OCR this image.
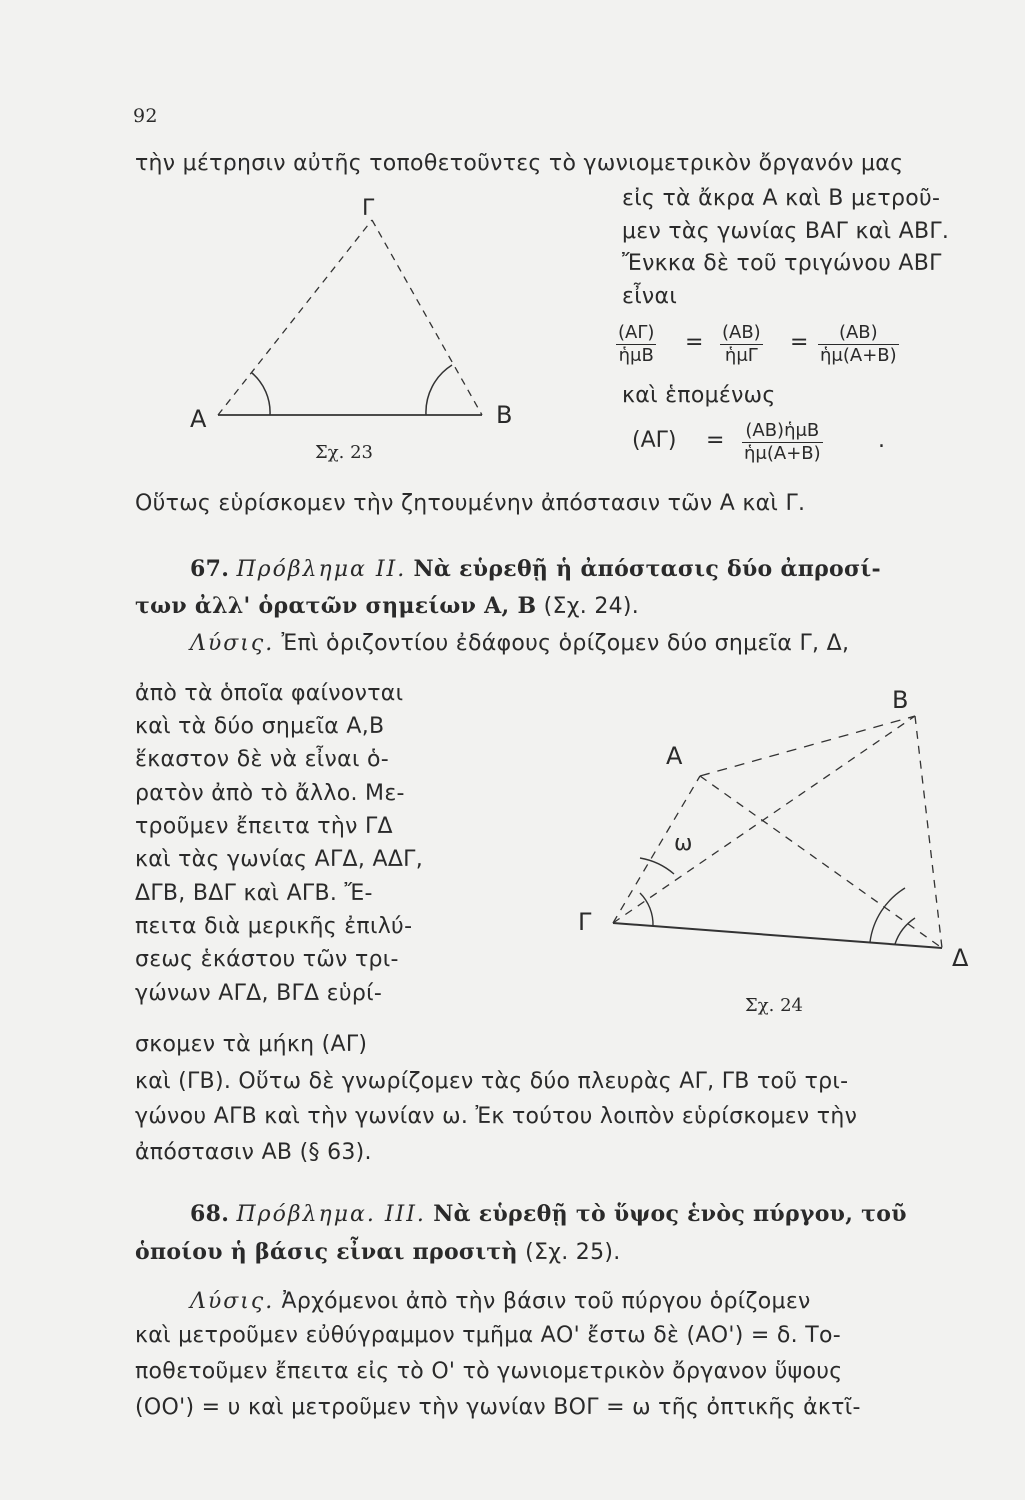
92
τὴν μέτρησιν αὐτῆς τοποθετοῦντες τὸ γωνιομετρικὸν ὄργανόν μας
εἰς τὰ ἄκρα Α καὶ Β μετροῦ-
μεν τὰς γωνίας ΒΑΓ καὶ ΑΒΓ.
Ἔνκκα δὲ τοῦ τριγώνου ΑΒΓ
εἶναι
(ΑΓ)
ἡμΒ
= (ΑΒ)
ἡμΓ
= $\frac{(AB)}{\text{ἡμ(Α+Β)}}$
καὶ ἑπομένως
(ΑΓ) = (ΑΒ)ἡμΒ
ἡμ(Α+Β)
.
Α	Β
Γ
Σχ. 23
Οὕτως εὑρίσκομεν τὴν ζητουμένην ἀπόστασιν τῶν Α καὶ Γ.
67. Πρόβλημα ΙΙ. Νὰ εὑρεθῇ ἡ ἀπόστασις δύο ἀπροσί-
των ἀλλ' ὁρατῶν σημείων Α, Β (Σχ. 24).
Λύσις. Ἐπὶ ὁριζοντίου ἐδάφους ὁρίζομεν δύο σημεῖα Γ, Δ,
ἀπὸ τὰ ὁποῖα φαίνονται
καὶ τὰ δύο σημεῖα Α,Β
ἕκαστον δὲ νὰ εἶναι ὁ-
ρατὸν ἀπὸ τὸ ἄλλο. Με-
τροῦμεν ἔπειτα τὴν ΓΔ
καὶ τὰς γωνίας ΑΓΔ, ΑΔΓ,
ΔΓΒ, ΒΔΓ καὶ ΑΓΒ. Ἔ-
πειτα διὰ μερικῆς ἐπιλύ-
σεως ἑκάστου τῶν τρι-
γώνων ΑΓΔ, ΒΓΔ εὑρί-
σκομεν τὰ μήκη (ΑΓ)
Α
Β
Γ
Δ
ω
Σχ. 24
καὶ (ΓΒ). Οὕτω δὲ γνωρίζομεν τὰς δύο πλευρὰς ΑΓ, ΓΒ τοῦ τρι-
γώνου ΑΓΒ καὶ τὴν γωνίαν ω. Ἐκ τούτου λοιπὸν εὑρίσκομεν τὴν
ἀπόστασιν ΑΒ (§ 63).
68. Πρόβλημα. ΙΙΙ. Νὰ εὑρεθῇ τὸ ὕψος ἑνὸς πύργου, τοῦ
ὁποίου ἡ βάσις εἶναι προσιτὴ (Σχ. 25).
Λύσις. Ἀρχόμενοι ἀπὸ τὴν βάσιν τοῦ πύργου ὁρίζομεν
καὶ μετροῦμεν εὐθύγραμμον τμῆμα ΑΟ' ἔστω δὲ (ΑΟ') = δ. Το-
ποθετοῦμεν ἔπειτα εἰς τὸ Ο' τὸ γωνιομετρικὸν ὄργανον ὕψους
(ΟΟ') = υ καὶ μετροῦμεν τὴν γωνίαν ΒΟΓ = ω τῆς ὀπτικῆς ἀκτῖ-
